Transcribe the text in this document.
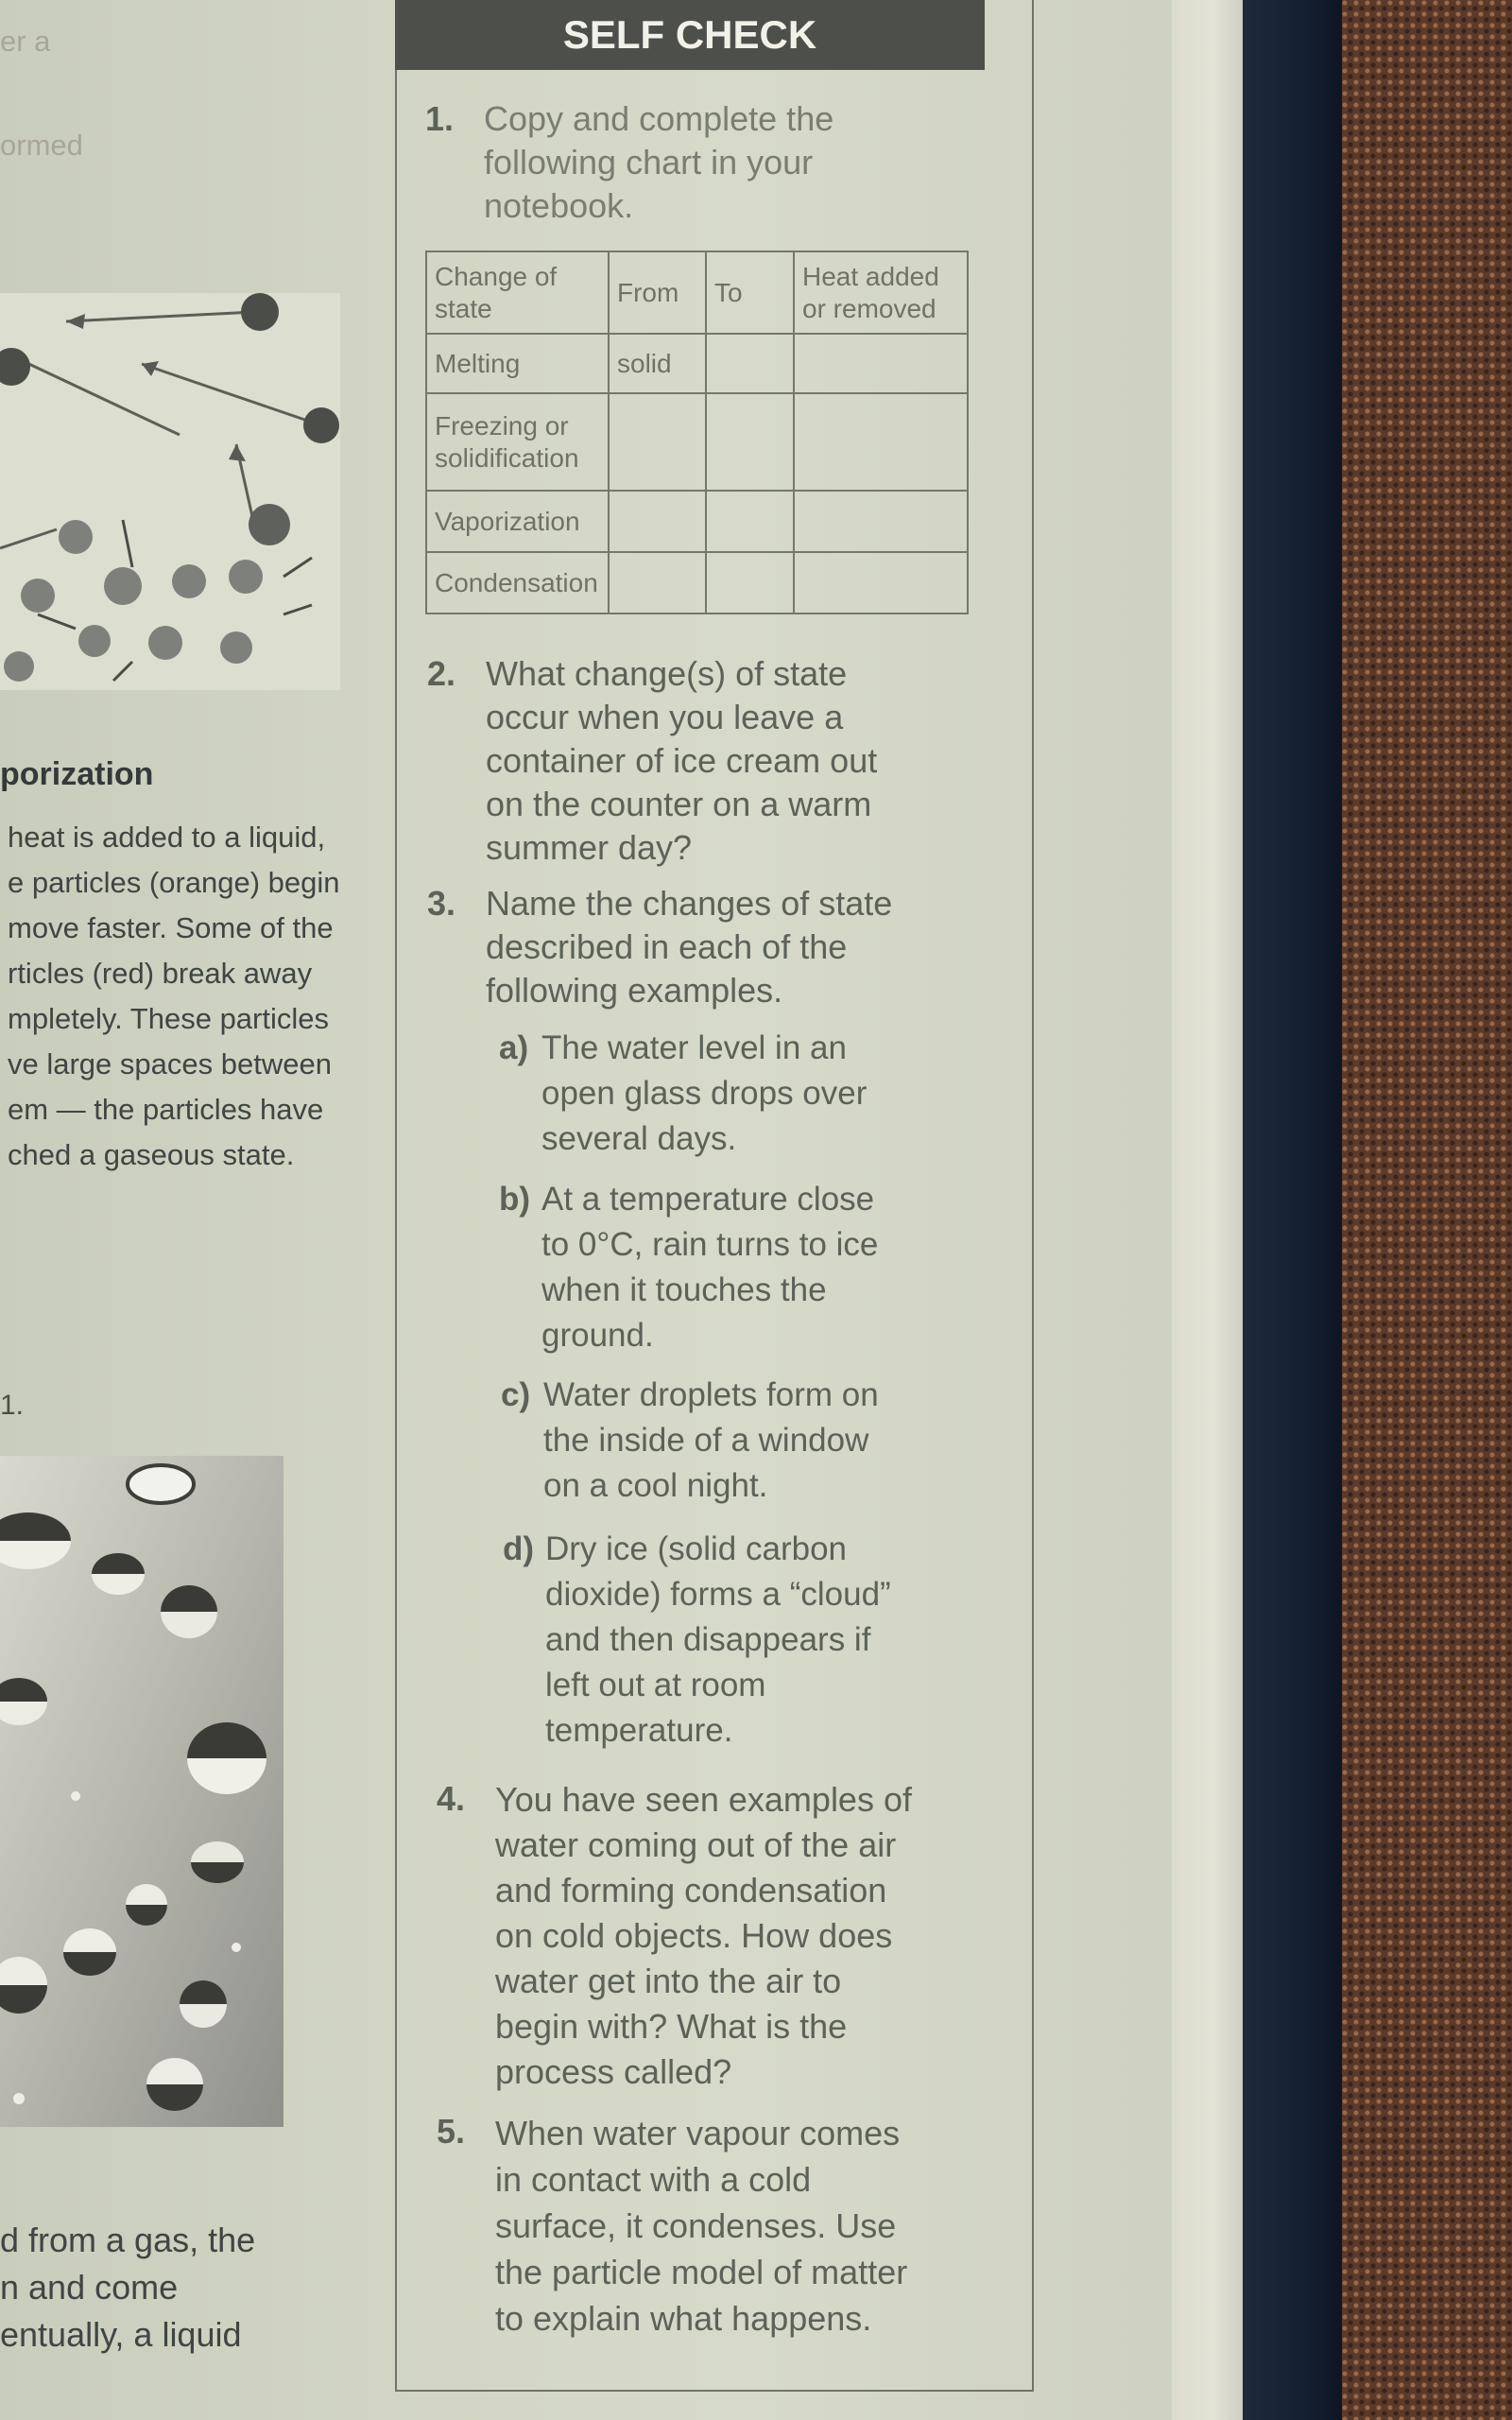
er a
ormed
porization
heat is added to a liquid,
e particles (orange) begin
move faster. Some of the
rticles (red) break away
mpletely. These particles
ve large spaces between
em — the particles have
ched a gaseous state.
1.
d from a gas, the
n and come
entually, a liquid
SELF CHECK
1. Copy and complete the
following chart in your
notebook.
Change of state	From	To	Heat added or removed
Melting	solid		
Freezing or solidification			
Vaporization			
Condensation			
2. What change(s) of state
occur when you leave a
container of ice cream out
on the counter on a warm
summer day?
3. Name the changes of state
described in each of the
following examples.
a) The water level in an
open glass drops over
several days.
b) At a temperature close
to 0°C, rain turns to ice
when it touches the
ground.
c) Water droplets form on
the inside of a window
on a cool night.
d) Dry ice (solid carbon
dioxide) forms a “cloud”
and then disappears if
left out at room
temperature.
4. You have seen examples of
water coming out of the air
and forming condensation
on cold objects. How does
water get into the air to
begin with? What is the
process called?
5. When water vapour comes
in contact with a cold
surface, it condenses. Use
the particle model of matter
to explain what happens.
